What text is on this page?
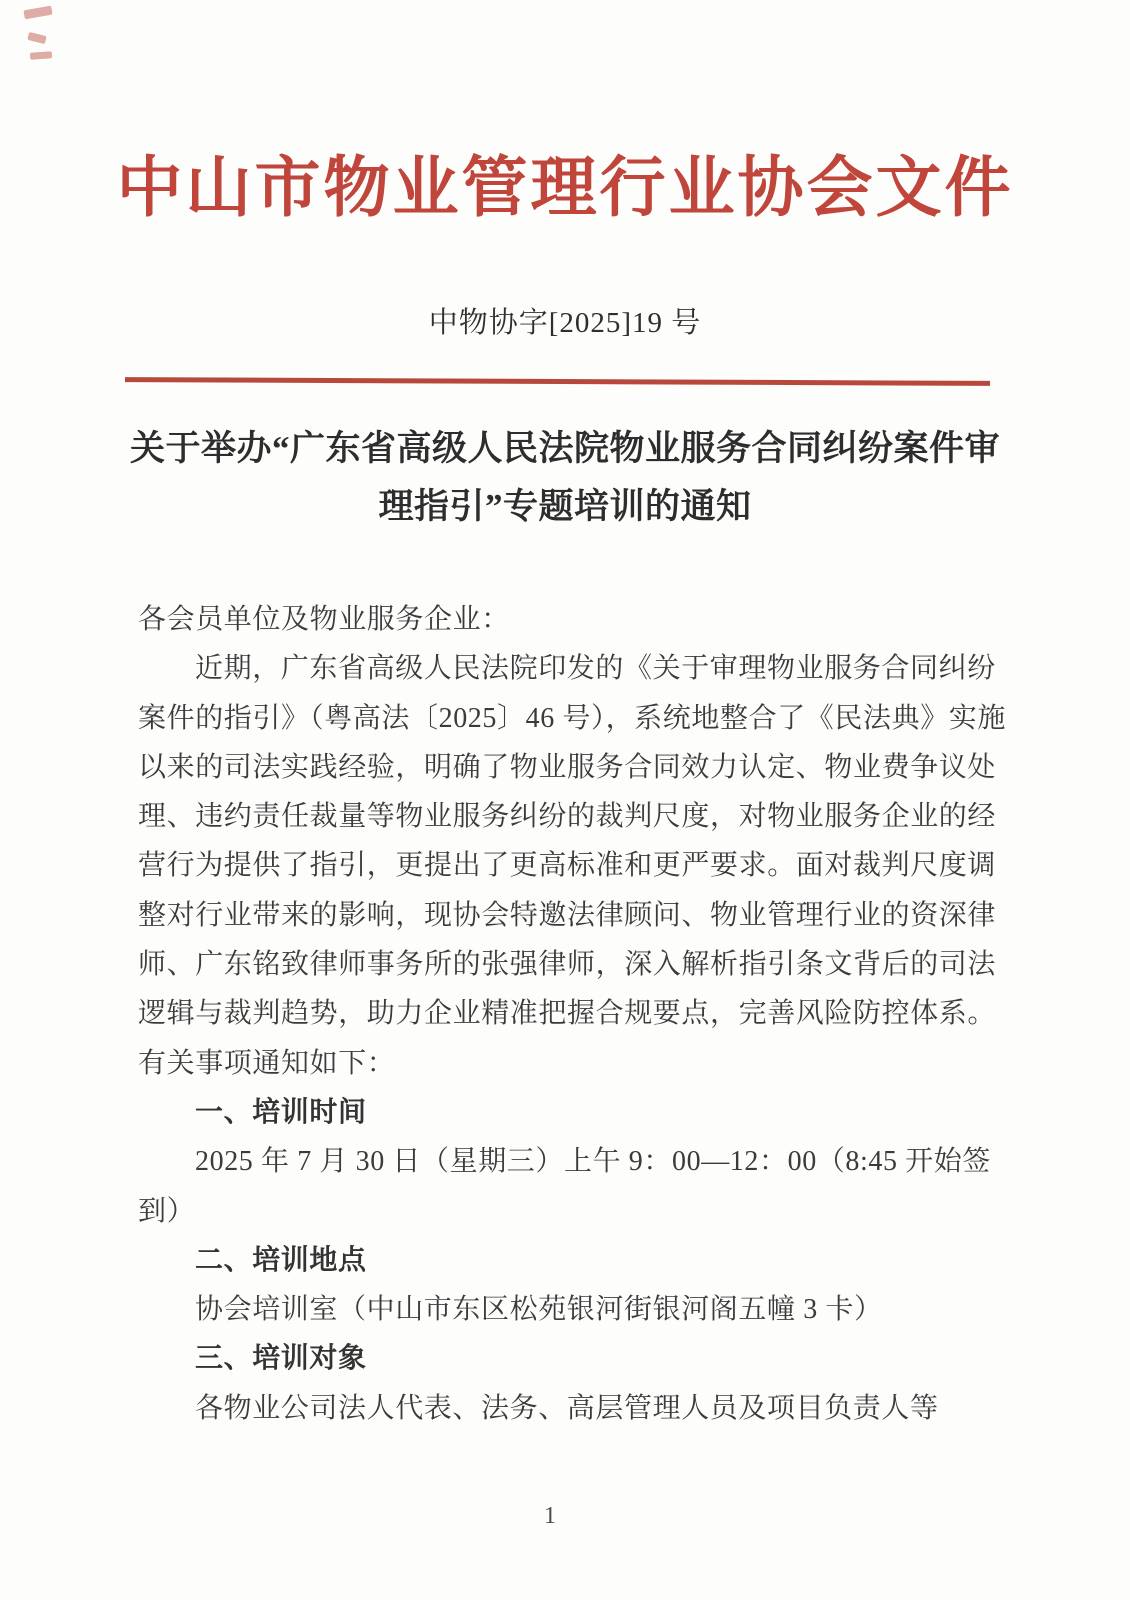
中山市物业管理行业协会文件
中物协字[2025]19 号
关于举办“广东省高级人民法院物业服务合同纠纷案件审
理指引”专题培训的通知
各会员单位及物业服务企业：
近期，广东省高级人民法院印发的《关于审理物业服务合同纠纷
案件的指引》（粤高法〔2025〕46 号），系统地整合了《民法典》实施
以来的司法实践经验，明确了物业服务合同效力认定、物业费争议处
理、违约责任裁量等物业服务纠纷的裁判尺度，对物业服务企业的经
营行为提供了指引，更提出了更高标准和更严要求。面对裁判尺度调
整对行业带来的影响，现协会特邀法律顾问、物业管理行业的资深律
师、广东铭致律师事务所的张强律师，深入解析指引条文背后的司法
逻辑与裁判趋势，助力企业精准把握合规要点，完善风险防控体系。
有关事项通知如下：
一、培训时间
2025 年 7 月 30 日（星期三）上午 9：00—12：00（8:45 开始签
到）
二、培训地点
协会培训室（中山市东区松苑银河街银河阁五幢 3 卡）
三、培训对象
各物业公司法人代表、法务、高层管理人员及项目负责人等
1
